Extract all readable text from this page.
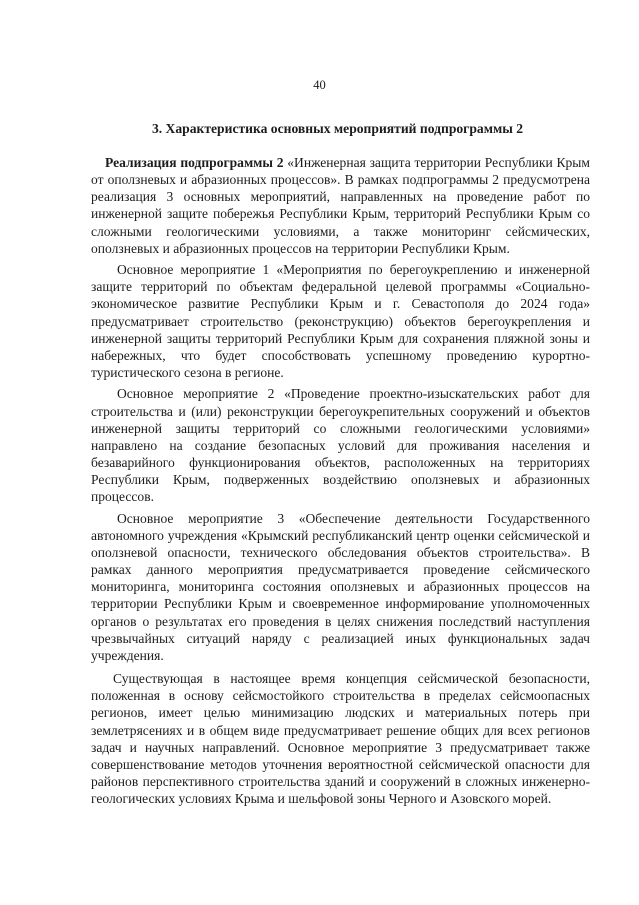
40
3. Характеристика основных мероприятий подпрограммы 2

Реализация подпрограммы 2 «Инженерная защита территории Республики Крым от оползневых и абразионных процессов». В рамках подпрограммы 2 предусмотрена реализация 3 основных мероприятий, направленных на проведение работ по инженерной защите побережья Республики Крым, территорий Республики Крым со сложными геологическими условиями, а также мониторинг сейсмических, оползневых и абразионных процессов на территории Республики Крым.

Основное мероприятие 1 «Мероприятия по берегоукреплению и инженерной защите территорий по объектам федеральной целевой программы «Социально-экономическое развитие Республики Крым и г. Севастополя до 2024 года» предусматривает строительство (реконструкцию) объектов берегоукрепления и инженерной защиты территорий Республики Крым для сохранения пляжной зоны и набережных, что будет способствовать успешному проведению курортно-туристического сезона в регионе.

Основное мероприятие 2 «Проведение проектно-изыскательских работ для строительства и (или) реконструкции берегоукрепительных сооружений и объектов инженерной защиты территорий со сложными геологическими условиями» направлено на создание безопасных условий для проживания населения и безаварийного функционирования объектов, расположенных на территориях Республики Крым, подверженных воздействию оползневых и абразионных процессов.

Основное мероприятие 3 «Обеспечение деятельности Государственного автономного учреждения «Крымский республиканский центр оценки сейсмической и оползневой опасности, технического обследования объектов строительства». В рамках данного мероприятия предусматривается проведение сейсмического мониторинга, мониторинга состояния оползневых и абразионных процессов на территории Республики Крым и своевременное информирование уполномоченных органов о результатах его проведения в целях снижения последствий наступления чрезвычайных ситуаций наряду с реализацией иных функциональных задач учреждения.

Существующая в настоящее время концепция сейсмической безопасности, положенная в основу сейсмостойкого строительства в пределах сейсмоопасных регионов, имеет целью минимизацию людских и материальных потерь при землетрясениях и в общем виде предусматривает решение общих для всех регионов задач и научных направлений. Основное мероприятие 3 предусматривает также совершенствование методов уточнения вероятностной сейсмической опасности для районов перспективного строительства зданий и сооружений в сложных инженерно-геологических условиях Крыма и шельфовой зоны Черного и Азовского морей.
